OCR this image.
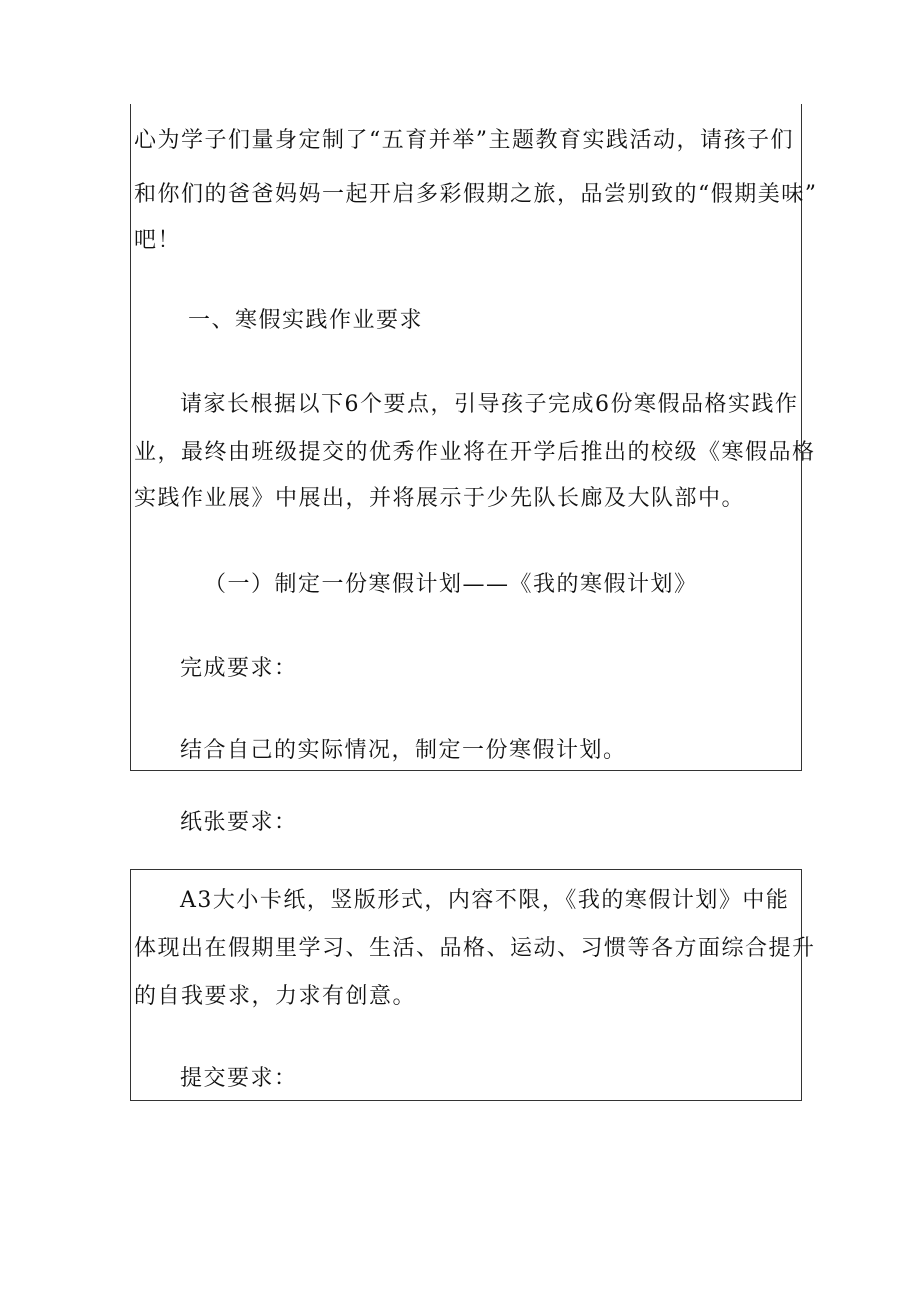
心为学子们量身定制了“五育并举”主题教育实践活动，请孩子们
和你们的爸爸妈妈一起开启多彩假期之旅，品尝别致的“假期美味”
吧！
一、寒假实践作业要求
请家长根据以下6个要点，引导孩子完成6份寒假品格实践作
业，最终由班级提交的优秀作业将在开学后推出的校级《寒假品格
实践作业展》中展出，并将展示于少先队长廊及大队部中。
（一）制定一份寒假计划——《我的寒假计划》
完成要求：
结合自己的实际情况，制定一份寒假计划。
纸张要求：
A3大小卡纸，竖版形式，内容不限，《我的寒假计划》中能
体现出在假期里学习、生活、品格、运动、习惯等各方面综合提升
的自我要求，力求有创意。
提交要求：
